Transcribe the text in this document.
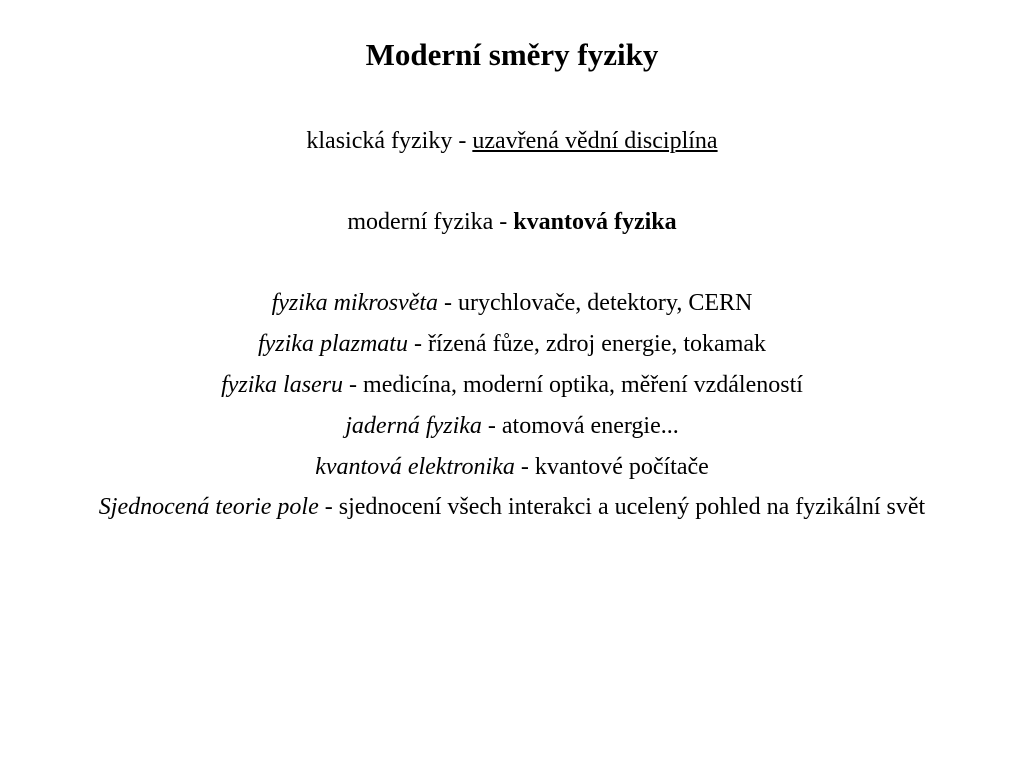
Moderní směry fyziky
klasická fyziky - uzavřená vědní disciplína
moderní fyzika - kvantová fyzika
fyzika mikrosvěta - urychlovače, detektory, CERN
fyzika plazmatu - řízená fůze, zdroj energie, tokamak
fyzika laseru - medicína, moderní optika, měření vzdáleností
jaderná fyzika - atomová energie...
kvantová elektronika - kvantové počítače
Sjednocená teorie pole - sjednocení všech interakci a ucelený pohled na fyzikální svět
